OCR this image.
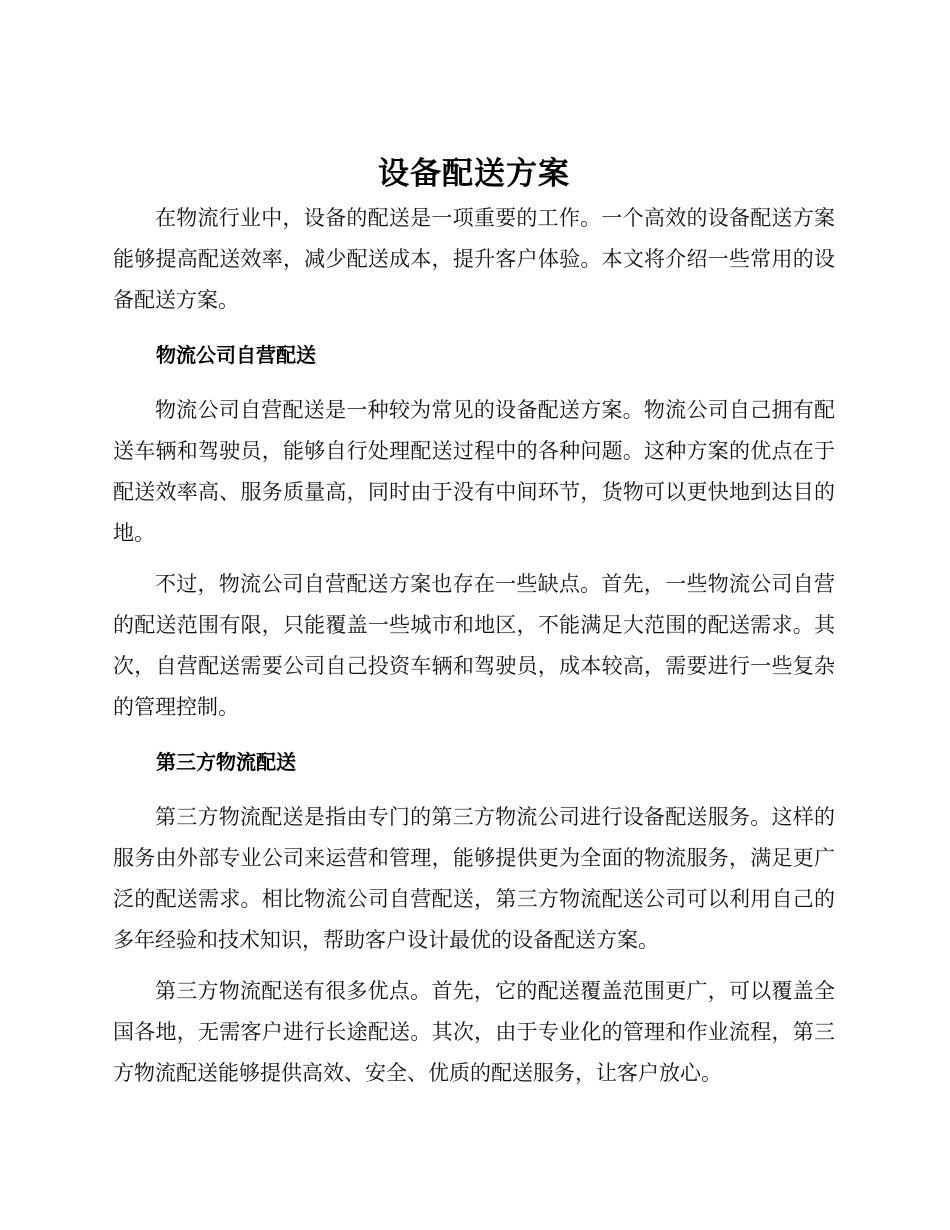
设备配送方案

在物流行业中，设备的配送是一项重要的工作。一个高效的设备配送方案能够提高配送效率，减少配送成本，提升客户体验。本文将介绍一些常用的设备配送方案。

物流公司自营配送

物流公司自营配送是一种较为常见的设备配送方案。物流公司自己拥有配送车辆和驾驶员，能够自行处理配送过程中的各种问题。这种方案的优点在于配送效率高、服务质量高，同时由于没有中间环节，货物可以更快地到达目的地。

不过，物流公司自营配送方案也存在一些缺点。首先，一些物流公司自营的配送范围有限，只能覆盖一些城市和地区，不能满足大范围的配送需求。其次，自营配送需要公司自己投资车辆和驾驶员，成本较高，需要进行一些复杂的管理控制。

第三方物流配送

第三方物流配送是指由专门的第三方物流公司进行设备配送服务。这样的服务由外部专业公司来运营和管理，能够提供更为全面的物流服务，满足更广泛的配送需求。相比物流公司自营配送，第三方物流配送公司可以利用自己的多年经验和技术知识，帮助客户设计最优的设备配送方案。

第三方物流配送有很多优点。首先，它的配送覆盖范围更广，可以覆盖全国各地，无需客户进行长途配送。其次，由于专业化的管理和作业流程，第三方物流配送能够提供高效、安全、优质的配送服务，让客户放心。
